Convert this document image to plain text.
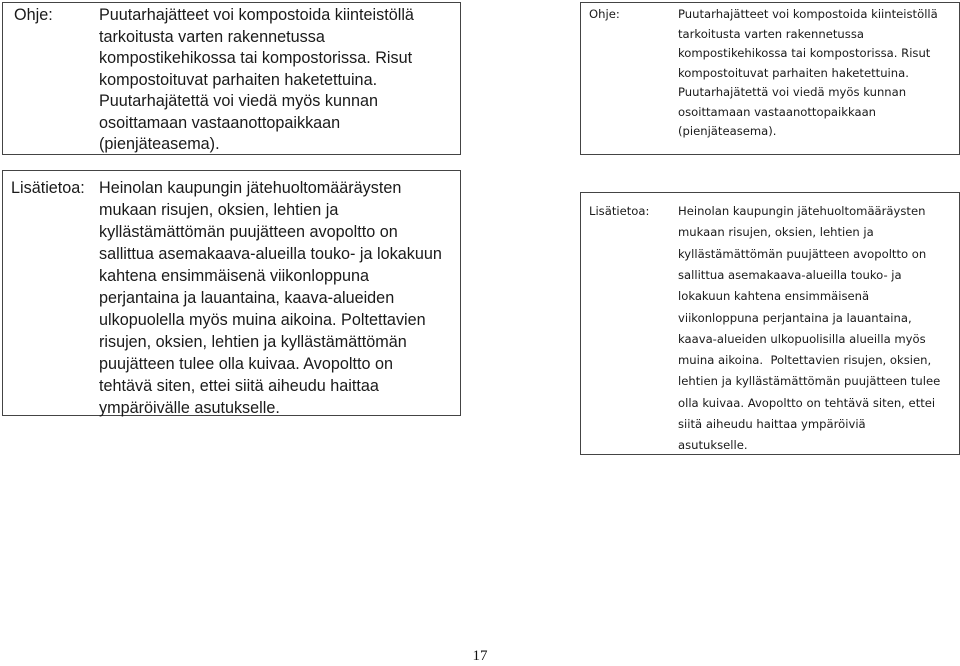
Ohje:	Puutarhajätteet voi kompostoida kiinteistöllä

tarkoitusta varten rakennetussa

kompostikehikossa tai kompostorissa. Risut

kompostoituvat parhaiten haketettuina.

Puutarhajätettä voi viedä myös kunnan

osoittamaan vastaanottopaikkaan

(pienjäteasema).

Lisätietoa: Heinolan kaupungin jätehuoltomääräysten

mukaan risujen, oksien, lehtien ja

kyllästämättömän puujätteen avopoltto on

sallittua asemakaava-alueilla touko- ja lokakuun

kahtena ensimmäisenä viikonloppuna

perjantaina ja lauantaina, kaava-alueiden

ulkopuolella myös muina aikoina. Poltettavien

risujen, oksien, lehtien ja kyllästämättömän

puujätteen tulee olla kuivaa. Avopoltto on

tehtävä siten, ettei siitä aiheudu haittaa

ympäröivälle asutukselle.

Ohje:	Puutarhajätteet voi kompostoida kiinteistöllä

tarkoitusta varten rakennetussa

kompostikehikossa tai kompostorissa. Risut

kompostoituvat parhaiten haketettuina.

Puutarhajätettä voi viedä myös kunnan

osoittamaan vastaanottopaikkaan

(pienjäteasema).

Lisätietoa: Heinolan kaupungin jätehuoltomääräysten

mukaan risujen, oksien, lehtien ja

kyllästämättömän puujätteen avopoltto on

sallittua asemakaava-alueilla touko- ja

lokakuun kahtena ensimmäisenä

viikonloppuna perjantaina ja lauantaina,

kaava-alueiden ulkopuolisilla alueilla myös

muina aikoina.  Poltettavien risujen, oksien,

lehtien ja kyllästämättömän puujätteen tulee

olla kuivaa. Avopoltto on tehtävä siten, ettei

siitä aiheudu haittaa ympäröiviä

asutukselle.

17
